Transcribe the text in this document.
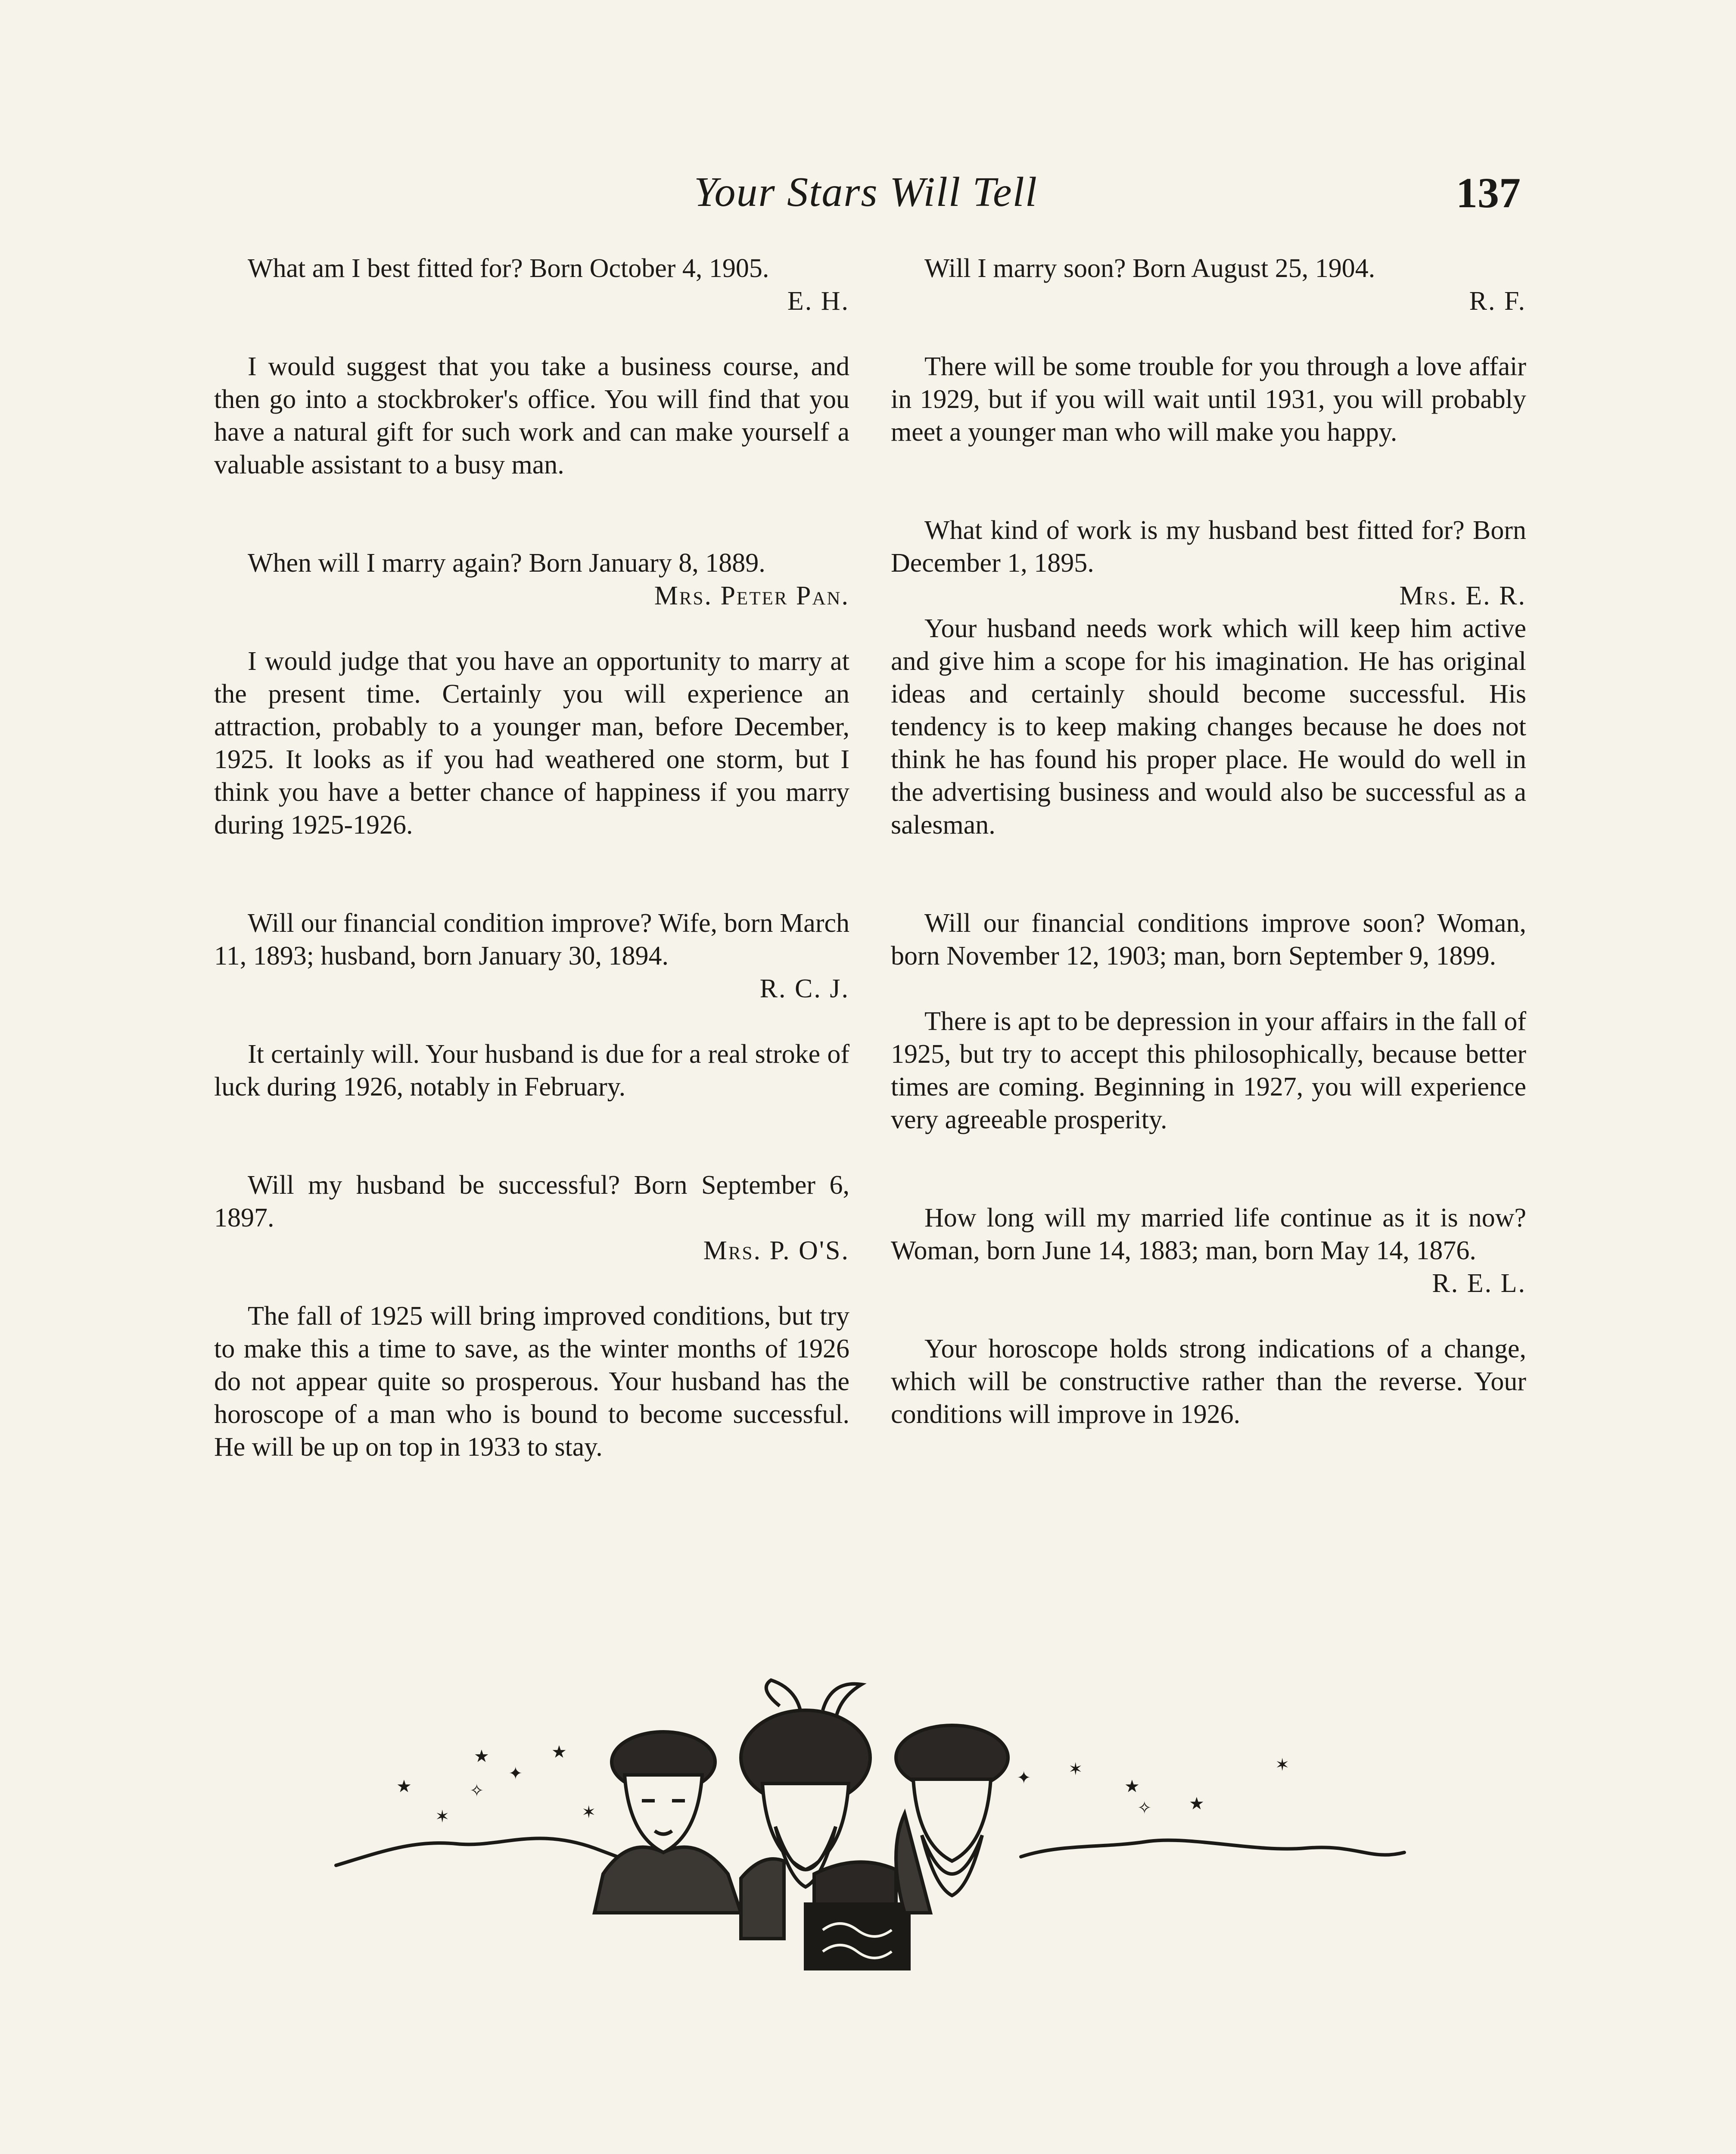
Your Stars Will Tell	137

What am I best fitted for? Born October 4, 1905.

E. H.

I would suggest that you take a business course, and then go into a stockbroker's office. You will find that you have a natural gift for such work and can make yourself a valuable assistant to a busy man.

When will I marry again? Born January 8, 1889.

Mrs. Peter Pan.

I would judge that you have an opportunity to marry at the present time. Certainly you will experience an attraction, probably to a younger man, before December, 1925. It looks as if you had weathered one storm, but I think you have a better chance of happiness if you marry during 1925-1926.

Will our financial condition improve? Wife, born March 11, 1893; husband, born January 30, 1894.

R. C. J.

It certainly will. Your husband is due for a real stroke of luck during 1926, notably in February.

Will my husband be successful? Born September 6, 1897.

Mrs. P. O'S.

The fall of 1925 will bring improved conditions, but try to make this a time to save, as the winter months of 1926 do not appear quite so prosperous. Your husband has the horoscope of a man who is bound to become successful. He will be up on top in 1933 to stay.

Will I marry soon? Born August 25, 1904.

R. F.

There will be some trouble for you through a love affair in 1929, but if you will wait until 1931, you will probably meet a younger man who will make you happy.

What kind of work is my husband best fitted for? Born December 1, 1895.

Mrs. E. R.

Your husband needs work which will keep him active and give him a scope for his imagination. He has original ideas and certainly should become successful. His tendency is to keep making changes because he does not think he has found his proper place. He would do well in the advertising business and would also be successful as a salesman.

Will our financial conditions improve soon? Woman, born November 12, 1903; man, born September 9, 1899.

There is apt to be depression in your affairs in the fall of 1925, but try to accept this philosophically, because better times are coming. Beginning in 1927, you will experience very agreeable prosperity.

How long will my married life continue as it is now? Woman, born June 14, 1883; man, born May 14, 1876.

R. E. L.

Your horoscope holds strong indications of a change, which will be constructive rather than the reverse. Your conditions will improve in 1926.

★
✶
✧
★
✦
★
✶
✦ ✶
★
✧ ★
✶
